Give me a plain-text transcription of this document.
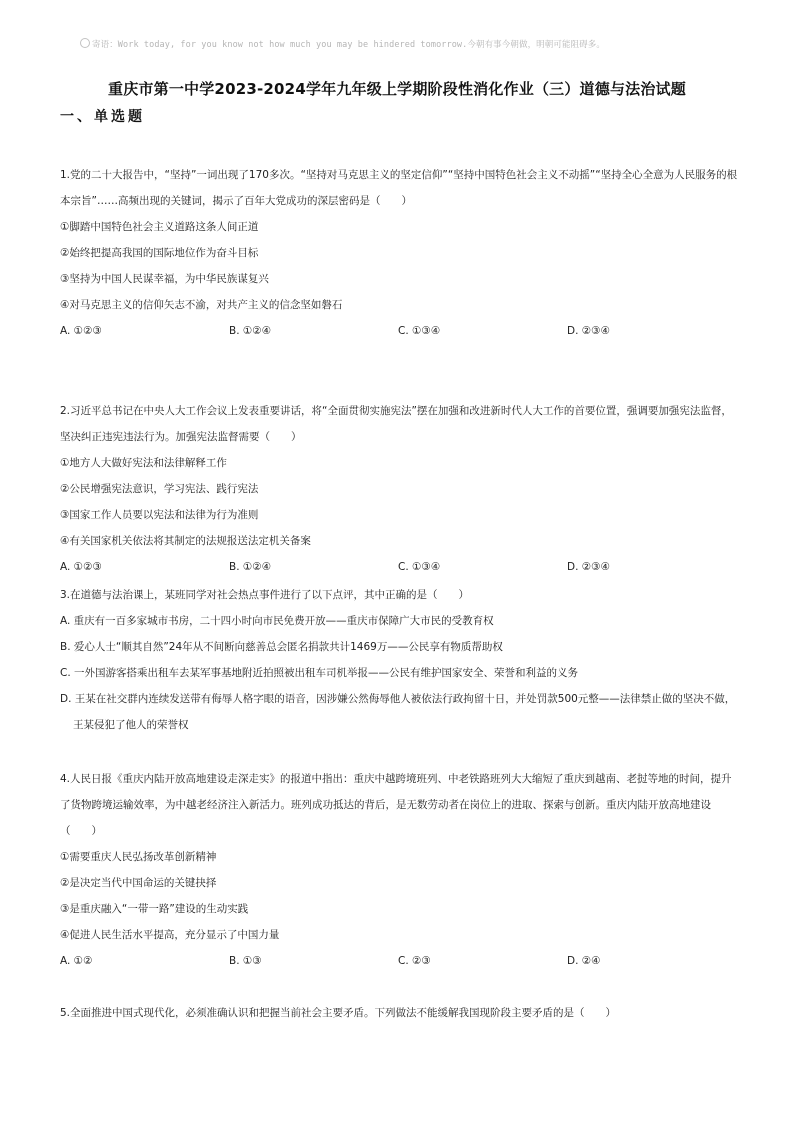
寄语：Work today, for you know not how much you may be hindered tomorrow.今朝有事今朝做，明朝可能阻碍多。
重庆市第一中学2023-2024学年九年级上学期阶段性消化作业（三）道德与法治试题
一、单选题

1.党的二十大报告中，“坚持”一词出现了170多次。“坚持对马克思主义的坚定信仰”“坚持中国特色社会主义不动摇”“坚持全心全意为人民服务的根本宗旨”……高频出现的关键词，揭示了百年大党成功的深层密码是（　　）

①脚踏中国特色社会主义道路这条人间正道

②始终把提高我国的国际地位作为奋斗目标

③坚持为中国人民谋幸福，为中华民族谋复兴

④对马克思主义的信仰矢志不渝，对共产主义的信念坚如磐石

A. ①②③	B. ①②④	C. ①③④	D. ②③④

2.习近平总书记在中央人大工作会议上发表重要讲话，将“全面贯彻实施宪法”摆在加强和改进新时代人大工作的首要位置，强调要加强宪法监督，坚决纠正违宪违法行为。加强宪法监督需要（　　）

①地方人大做好宪法和法律解释工作

②公民增强宪法意识，学习宪法、践行宪法

③国家工作人员要以宪法和法律为行为准则

④有关国家机关依法将其制定的法规报送法定机关备案

A. ①②③	B. ①②④	C. ①③④	D. ②③④

3.在道德与法治课上，某班同学对社会热点事件进行了以下点评，其中正确的是（　　）

A. 重庆有一百多家城市书房，二十四小时向市民免费开放——重庆市保障广大市民的受教育权

B. 爱心人士“顺其自然”24年从不间断向慈善总会匿名捐款共计1469万——公民享有物质帮助权

C. 一外国游客搭乘出租车去某军事基地附近拍照被出租车司机举报——公民有维护国家安全、荣誉和利益的义务

D. 王某在社交群内连续发送带有侮辱人格字眼的语音，因涉嫌公然侮辱他人被依法行政拘留十日，并处罚款500元整——法律禁止做的坚决不做，王某侵犯了他人的荣誉权

4.人民日报《重庆内陆开放高地建设走深走实》的报道中指出：重庆中越跨境班列、中老铁路班列大大缩短了重庆到越南、老挝等地的时间，提升了货物跨境运输效率，为中越老经济注入新活力。班列成功抵达的背后，是无数劳动者在岗位上的进取、探索与创新。重庆内陆开放高地建设（　　）

①需要重庆人民弘扬改革创新精神

②是决定当代中国命运的关键抉择

③是重庆融入“一带一路”建设的生动实践

④促进人民生活水平提高，充分显示了中国力量

A. ①②	B. ①③	C. ②③	D. ②④

5.全面推进中国式现代化，必须准确认识和把握当前社会主要矛盾。下列做法不能缓解我国现阶段主要矛盾的是（　　）
